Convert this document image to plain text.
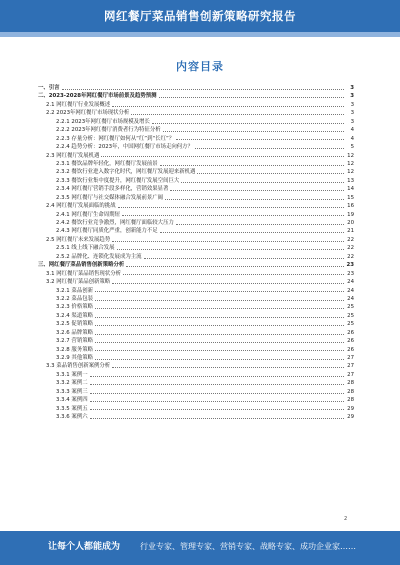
网红餐厅菜品销售创新策略研究报告
内容目录
一、引言	3
二、2023-2028年网红餐厅市场前景及趋势预测	3
2.1 网红餐厅行业发展概述	3
2.2 2023年网红餐厅市场现状分析	3
2.2.1 2023年网红餐厅市场规模及增长	3
2.2.2 2023年网红餐厅消费者行为特征分析	4
2.2.3 存量分析：网红餐厅如何从“红”到“长红”？	4
2.2.4 趋势分析：2023年，中国网红餐厅市场走向何方？	5
2.3 网红餐厅发展机遇	12
2.3.1 餐饮品牌年轻化，网红餐厅发展前景	12
2.3.2 餐饮行业进入数字化时代，网红餐厅发展迎来新机遇	12
2.3.3 餐饮行业集中度提升，网红餐厅发展空间巨大	13
2.3.4 网红餐厅营销手段多样化，营销效果显著	14
2.3.5 网红餐厅与社交媒体融合发展前景广阔	15
2.4 网红餐厅发展面临的挑战	16
2.4.1 网红餐厅生命周期短	19
2.4.2 餐饮行业竞争激烈，网红餐厅面临较大压力	20
2.4.3 网红餐厅同质化严重，创新能力不足	21
2.5 网红餐厅未来发展趋势	22
2.5.1 线上线下融合发展	22
2.5.2 品牌化、连锁化发展成为主流	22
三、网红餐厅菜品销售创新策略分析	23
3.1 网红餐厅菜品销售现状分析	23
3.2 网红餐厅菜品创新策略	24
3.2.1 菜品创新	24
3.2.2 菜品包装	24
3.2.3 价格策略	25
3.2.4 渠道策略	25
3.2.5 促销策略	25
3.2.6 品牌策略	26
3.2.7 营销策略	26
3.2.8 服务策略	26
3.2.9 其他策略	27
3.3 菜品销售创新案例分析	27
3.3.1 案例一	27
3.3.2 案例二	28
3.3.3 案例三	28
3.3.4 案例四	28
3.3.5 案例五	29
3.3.6 案例六	29
2
让每个人都能成为 行业专家、管理专家、营销专家、战略专家、成功企业家……
